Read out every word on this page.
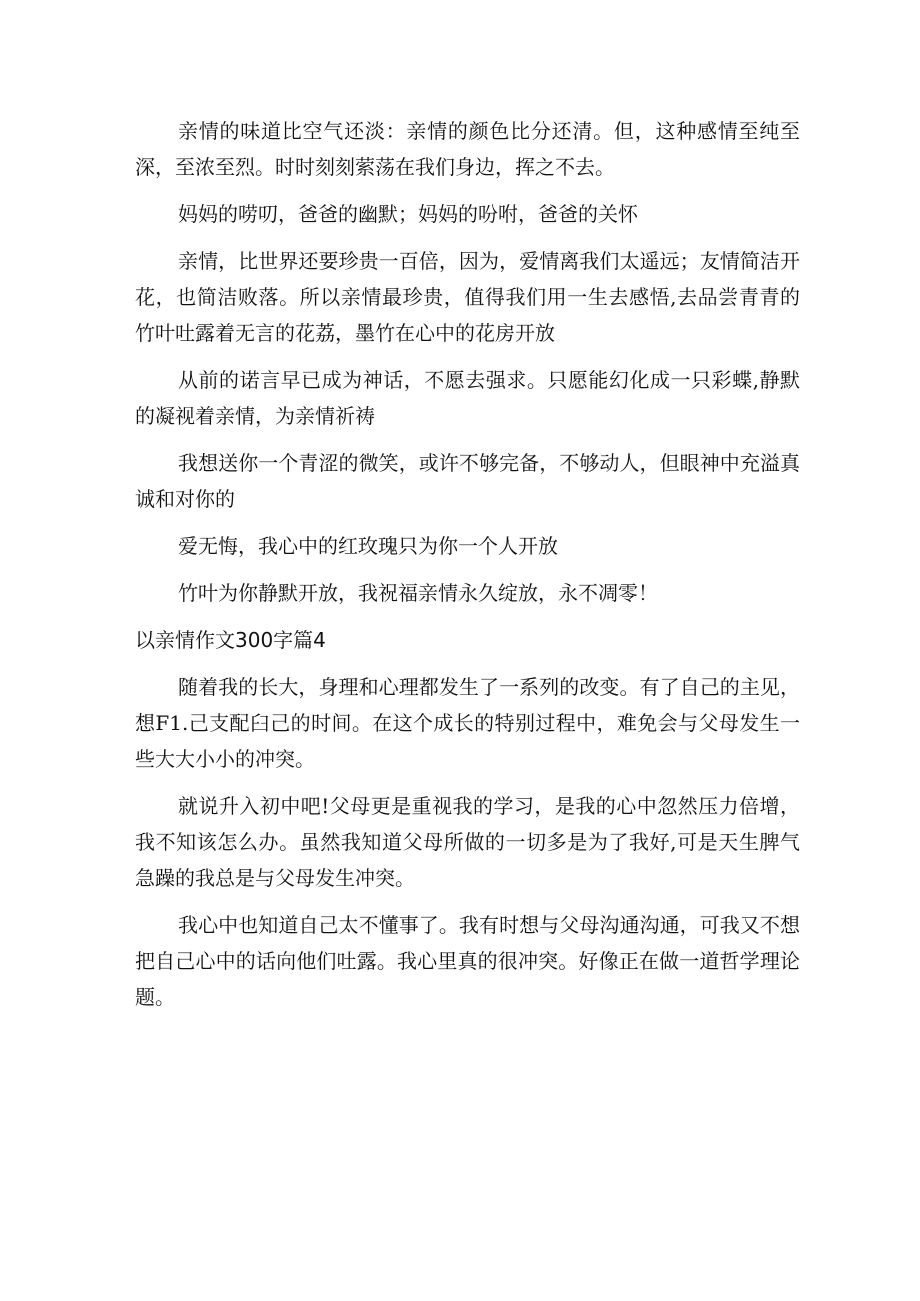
亲情的味道比空气还淡：亲情的颜色比分还清。但，这种感情至纯至深，至浓至烈。时时刻刻萦荡在我们身边，挥之不去。

妈妈的唠叨，爸爸的幽默；妈妈的吩咐，爸爸的关怀

亲情，比世界还要珍贵一百倍，因为，爱情离我们太遥远；友情简洁开花，也简洁败落。所以亲情最珍贵，值得我们用一生去感悟,去品尝青青的竹叶吐露着无言的花荔，墨竹在心中的花房开放

从前的诺言早已成为神话，不愿去强求。只愿能幻化成一只彩蝶,静默的凝视着亲情，为亲情祈祷

我想送你一个青涩的微笑，或许不够完备，不够动人，但眼神中充溢真诚和对你的

爱无悔，我心中的红玫瑰只为你一个人开放

竹叶为你静默开放，我祝福亲情永久绽放，永不凋零！

以亲情作文300字篇4

随着我的长大，身理和心理都发生了一系列的改变。有了自己的主见，想F1.己支配臼己的时间。在这个成长的特别过程中，难免会与父母发生一些大大小小的冲突。

就说升入初中吧!父母更是重视我的学习，是我的心中忽然压力倍增，我不知该怎么办。虽然我知道父母所做的一切多是为了我好,可是天生脾气急躁的我总是与父母发生冲突。

我心中也知道自己太不懂事了。我有时想与父母沟通沟通，可我又不想把自己心中的话向他们吐露。我心里真的很冲突。好像正在做一道哲学理论题。
